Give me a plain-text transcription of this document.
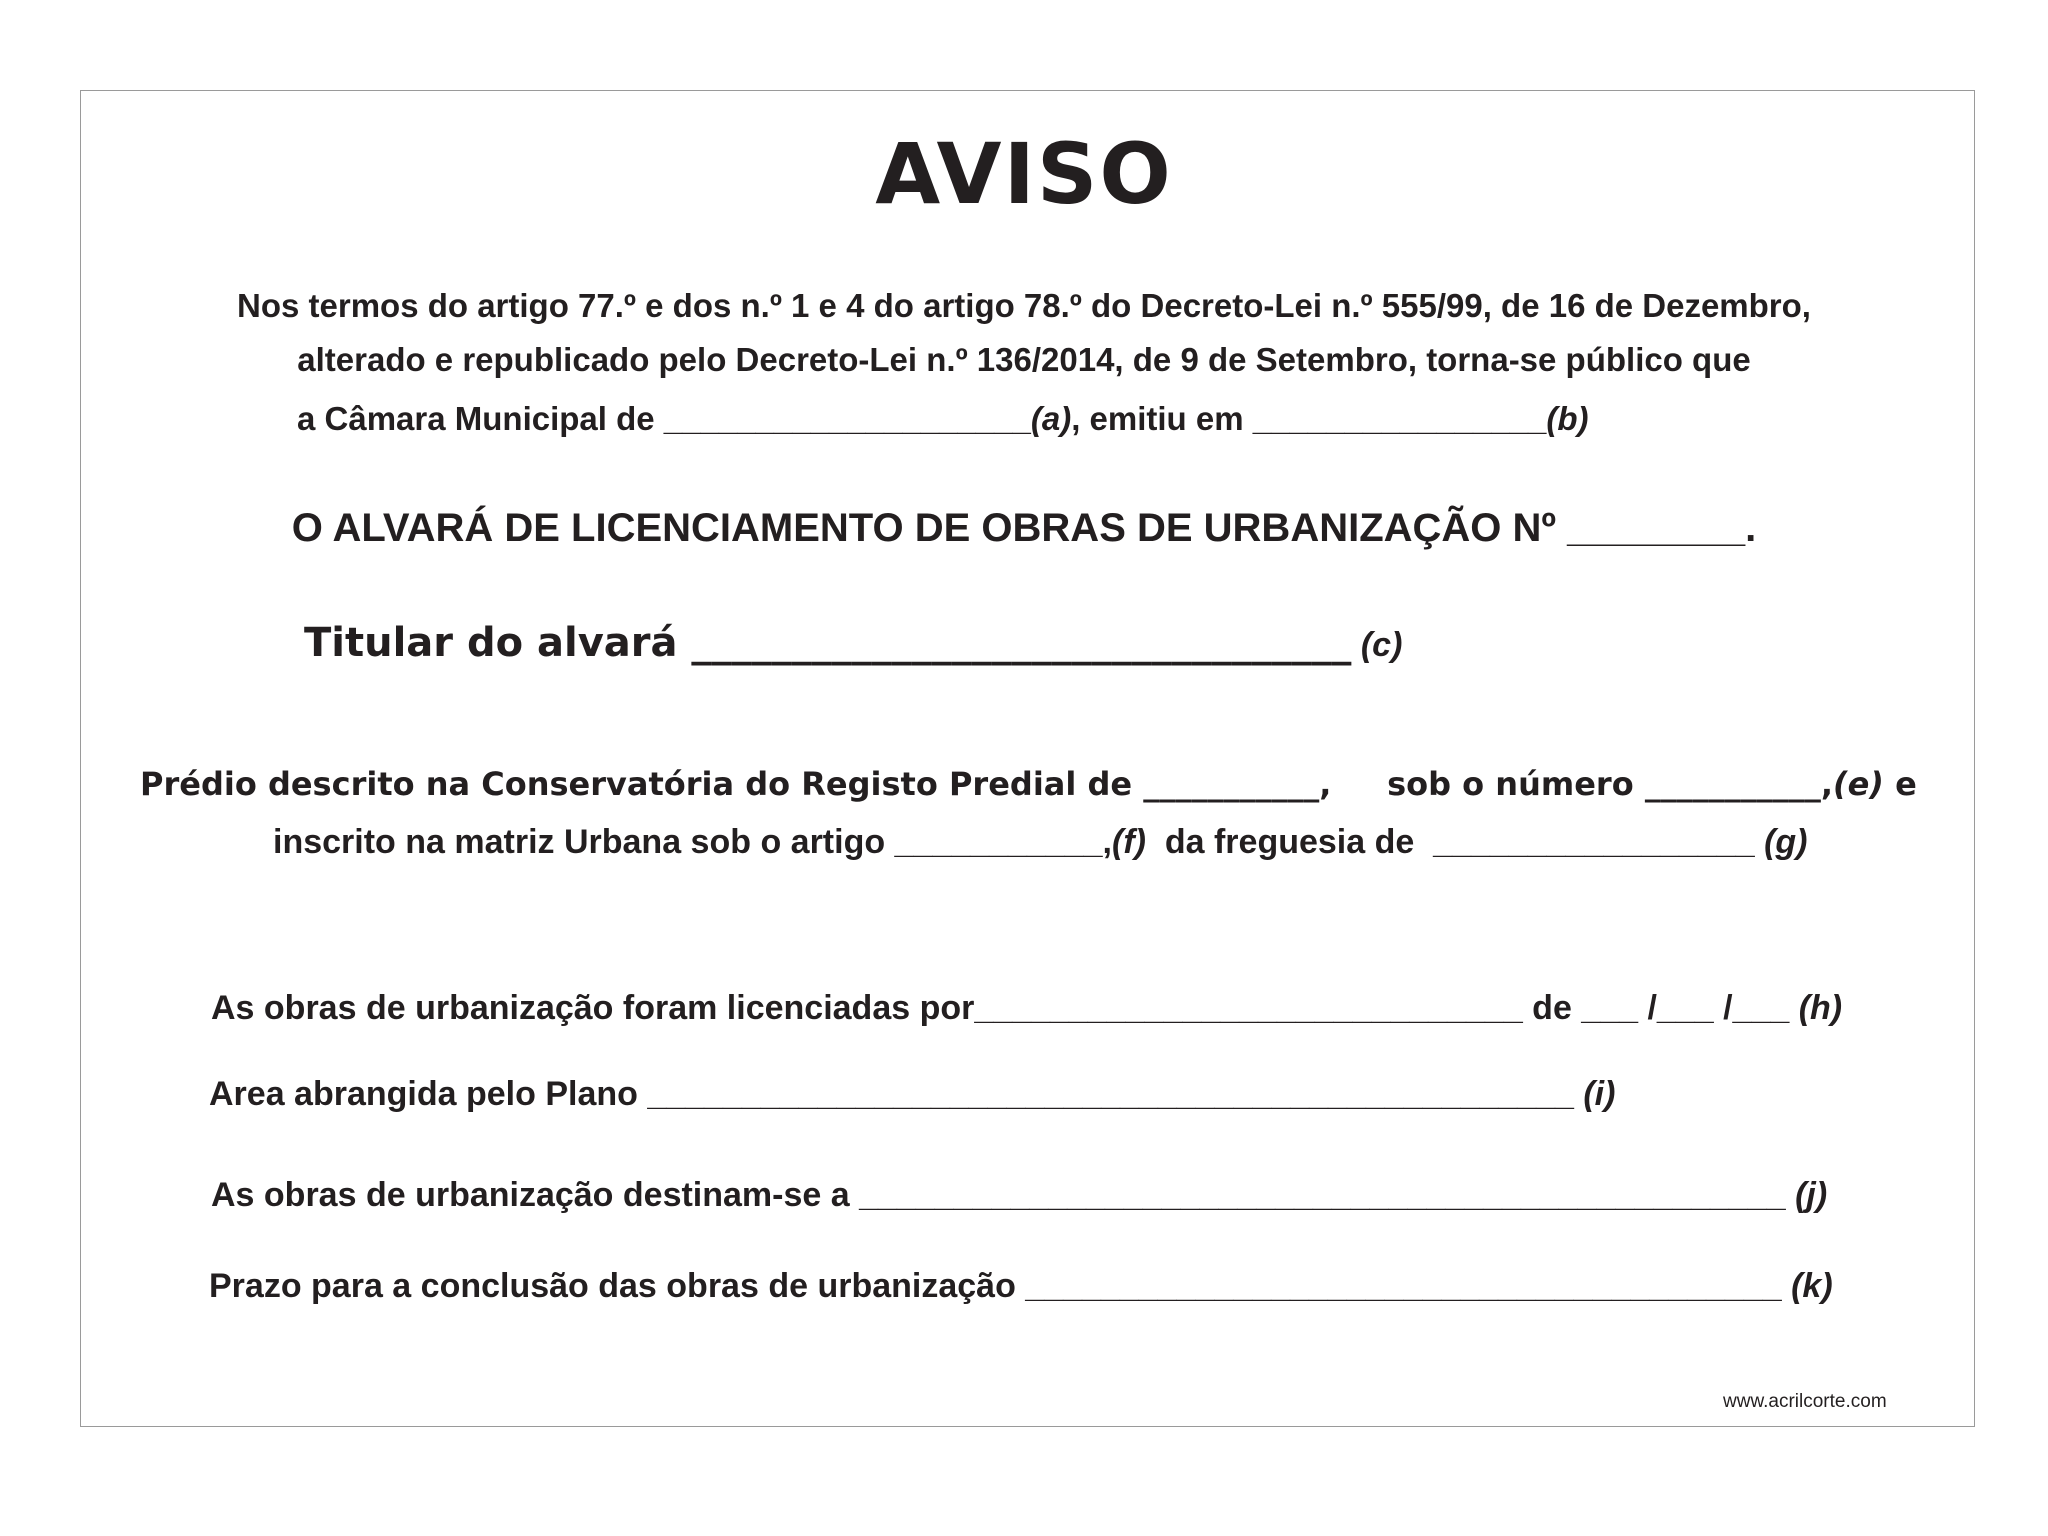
AVISO
Nos termos do artigo 77.º e dos n.º 1 e 4 do artigo 78.º do Decreto-Lei n.º 555/99, de 16 de Dezembro,
alterado e republicado pelo Decreto-Lei n.º 136/2014, de 9 de Setembro, torna-se público que
a Câmara Municipal de ____________________(a), emitiu em ________________(b)
O ALVARÁ DE LICENCIAMENTO DE OBRAS DE URBANIZAÇÃO Nº ________.
Titular do alvará _________________________________ (c)
Prédio descrito na Conservatória do Registo Predial de ___________,     sob o número ___________,(e) e
inscrito na matriz Urbana sob o artigo ___________,(f)  da freguesia de  _________________ (g)
As obras de urbanização foram licenciadas por_____________________________ de ___ /___ /___ (h)
Area abrangida pelo Plano _________________________________________________ (i)
As obras de urbanização destinam-se a _________________________________________________ (j)
Prazo para a conclusão das obras de urbanização ________________________________________ (k)
www.acrilcorte.com
